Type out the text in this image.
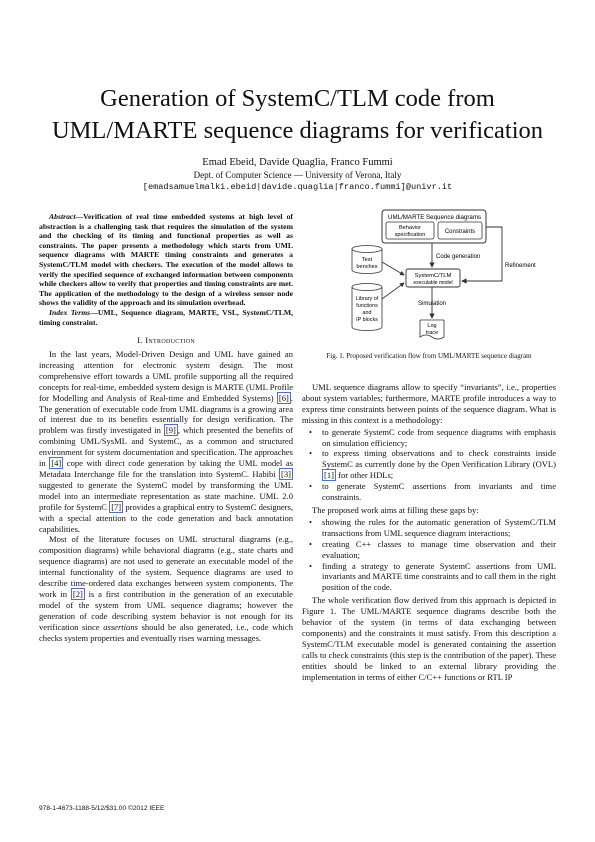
Generation of SystemC/TLM code from
UML/MARTE sequence diagrams for verification
Emad Ebeid, Davide Quaglia, Franco Fummi
Dept. of Computer Science — University of Verona, Italy
[emadsamuelmalki.ebeid|davide.quaglia|franco.fummi]@univr.it

Abstract—Verification of real time embedded systems at high level of abstraction is a challenging task that requires the simulation of the system and the checking of its timing and functional properties as well as constraints. The paper presents a methodology which starts from UML sequence diagrams with MARTE timing constraints and generates a SystemC/TLM model with checkers. The execution of the model allows to verify the specified sequence of exchanged information between components while checkers allow to verify that properties and timing constraints are met. The application of the methodology to the design of a wireless sensor node shows the validity of the approach and its simulation overhead.

Index Terms—UML, Sequence diagram, MARTE, VSL, SystemC/TLM, timing constraint.

I. Introduction

In the last years, Model-Driven Design and UML have gained an increasing attention for electronic system design. The most comprehensive effort towards a UML profile supporting all the required concepts for real-time, embedded system design is MARTE (UML Profile for Modelling and Analysis of Real-time and Embedded Systems) [6] . The generation of executable code from UML diagrams is a growing area of interest due to its benefits essentially for design verification. The problem was firstly investigated in [9] , which presented the benefits of combining UML/SysML and SystemC, as a common and structured environment for system documentation and specification. The approaches in [4] cope with direct code generation by taking the UML model as Metadata Interchange file for the translation into SystemC. Habibi [3] suggested to generate the SystemC model by transforming the UML model into an intermediate representation as state machine. UML 2.0 profile for SystemC [7] provides a graphical entry to SystemC designers, with a special attention to the code generation and back annotation capabilities.

Most of the literature focuses on UML structural diagrams (e.g., composition diagrams) while behavioral diagrams (e.g., state charts and sequence diagrams) are not used to generate an executable model of the internal functionality of the system. Sequence diagrams are used to describe time-ordered data exchanges between system components. The work in [2] is a first contribution in the generation of an executable model of the system from UML sequence diagrams; however the generation of code describing system behavior is not enough for its verification since assertions should be also generated, i.e., code which checks system properties and eventually rises warning messages.

UML/MARTE Sequence diagrams
Behavior
specification	Constraints
Code generation
SystemC/TLM
executable model
Refinement
Simulation
Log
trace
Test
benches
Library of
functions
and
IP blocks
Fig. 1. Proposed verification flow from UML/MARTE sequence diagram

UML sequence diagrams allow to specify “invariants”, i.e., properties about system variables; furthermore, MARTE profile introduces a way to express time constraints between points of the sequence diagram. What is missing in this context is a methodology:

• to generate SystemC code from sequence diagrams with emphasis on simulation efficiency;
• to express timing observations and to check constraints inside SystemC as currently done by the Open Verification Library (OVL) [1] for other HDLs;
• to generate SystemC assertions from invariants and time constraints.

The proposed work aims at filling these gaps by:

• showing the rules for the automatic generation of SystemC/TLM transactions from UML sequence diagram interactions;
• creating C++ classes to manage time observation and their evaluation;
• finding a strategy to generate SystemC assertions from UML invariants and MARTE time constraints and to call them in the right position of the code.

The whole verification flow derived from this approach is depicted in Figure 1. The UML/MARTE sequence diagrams describe both the behavior of the system (in terms of data exchanging between components) and the constraints it must satisfy. From this description a SystemC/TLM executable model is generated containing the assertion calls to check constraints (this step is the contribution of the paper). These entities should be linked to an external library providing the implementation in terms of either C/C++ functions or RTL IP

978-1-4673-1188-5/12/$31.00 ©2012 IEEE
